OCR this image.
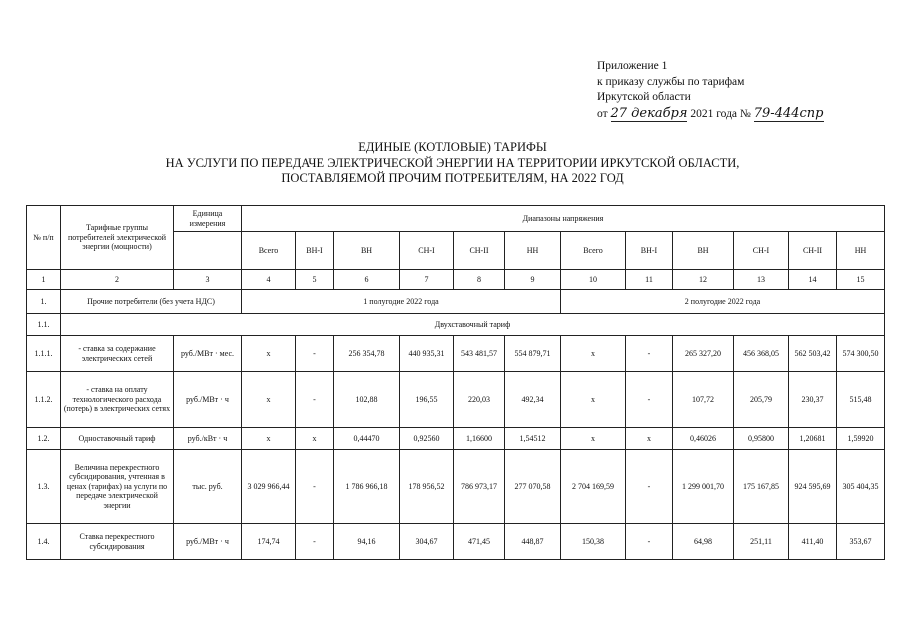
Приложение 1
к приказу службы по тарифам
Иркутской области
от 27 декабря 2021 года № 79-444спр
ЕДИНЫЕ (КОТЛОВЫЕ) ТАРИФЫ
НА УСЛУГИ ПО ПЕРЕДАЧЕ ЭЛЕКТРИЧЕСКОЙ ЭНЕРГИИ НА ТЕРРИТОРИИ ИРКУТСКОЙ ОБЛАСТИ,
ПОСТАВЛЯЕМОЙ ПРОЧИМ ПОТРЕБИТЕЛЯМ, НА 2022 ГОД
№ п/п	Тарифные группы потребителей электрической энергии (мощности)	Единица измерения	Диапазоны напряжения											
			Всего	ВН-I	ВН	СН-I	СН-II	НН	Всего	ВН-I	ВН	СН-I	СН-II	НН
1	2	3	4	5	6	7	8	9	10	11	12	13	14	15
1.	Прочие потребители (без учета НДС)		1 полугодие 2022 года						2 полугодие 2022 года					
1.1.	Двухставочный тариф													
1.1.1.	- ставка за содержание электрических сетей	руб./МВт · мес.	x	-	256 354,78	440 935,31	543 481,57	554 879,71	x	-	265 327,20	456 368,05	562 503,42	574 300,50
1.1.2.	- ставка на оплату технологического расхода (потерь) в электрических сетях	руб./МВт · ч	x	-	102,88	196,55	220,03	492,34	x	-	107,72	205,79	230,37	515,48
1.2.	Одноставочный тариф	руб./кВт · ч	x	x	0,44470	0,92560	1,16600	1,54512	x	x	0,46026	0,95800	1,20681	1,59920
1.3.	Величина перекрестного субсидирования, учтенная в ценах (тарифах) на услуги по передаче электрической энергии	тыс. руб.	3 029 966,44	-	1 786 966,18	178 956,52	786 973,17	277 070,58	2 704 169,59	-	1 299 001,70	175 167,85	924 595,69	305 404,35
1.4.	Ставка перекрестного субсидирования	руб./МВт · ч	174,74	-	94,16	304,67	471,45	448,87	150,38	-	64,98	251,11	411,40	353,67
